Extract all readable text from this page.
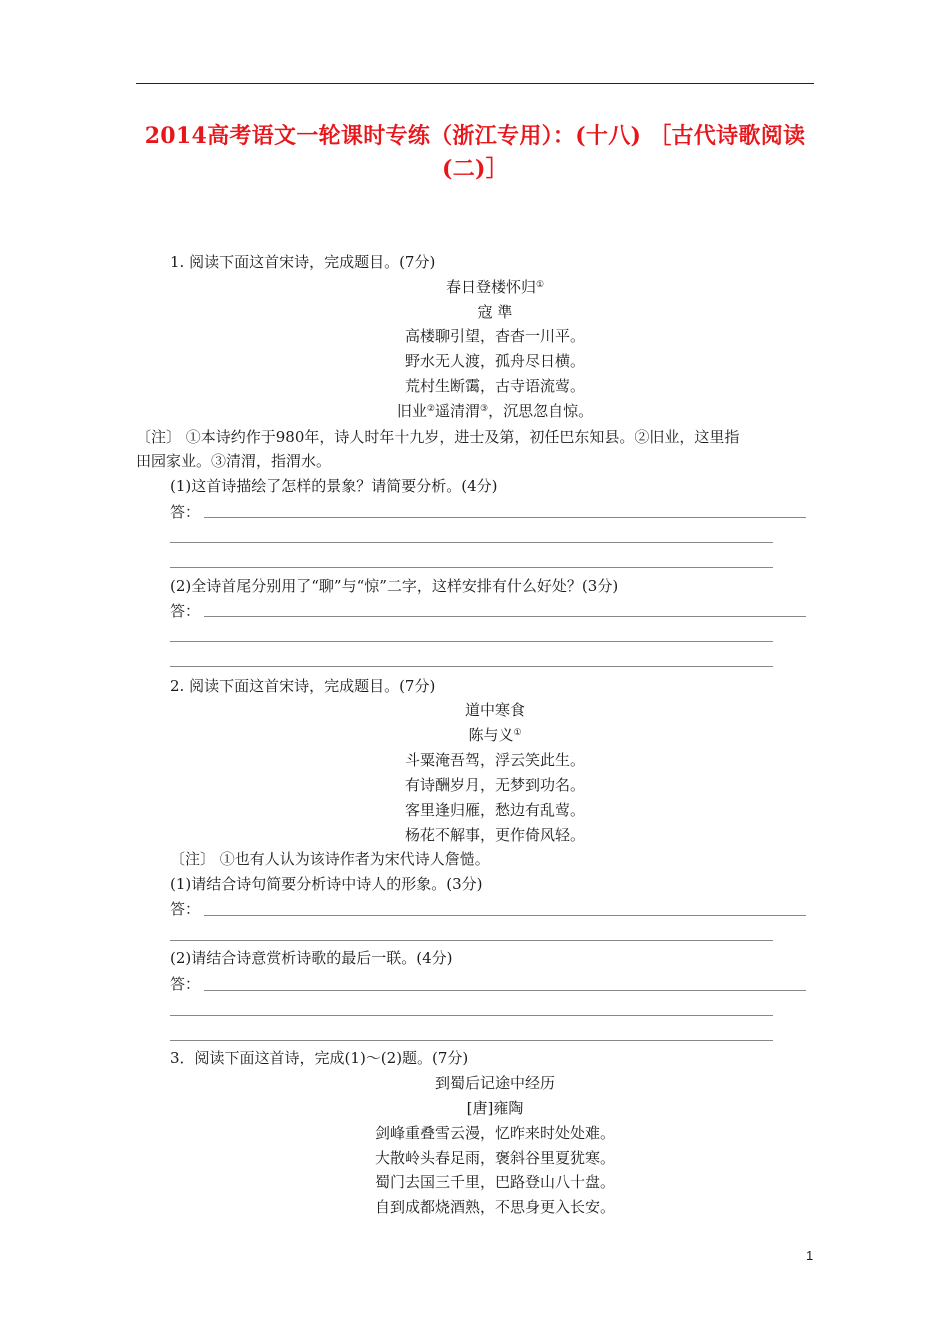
2014高考语文一轮课时专练（浙江专用）：(十八) ［古代诗歌阅读
(二)］
1. 阅读下面这首宋诗，完成题目。(7分)
春日登楼怀归①
寇 準
高楼聊引望，杳杳一川平。
野水无人渡，孤舟尽日横。
荒村生断霭，古寺语流莺。
旧业②遥清渭③，沉思忽自惊。
〔注〕 ①本诗约作于980年，诗人时年十九岁，进士及第，初任巴东知县。②旧业，这里指
田园家业。③清渭，指渭水。
(1)这首诗描绘了怎样的景象？请简要分析。(4分)
答：
(2)全诗首尾分别用了“聊”与“惊”二字，这样安排有什么好处？(3分)
答：
2. 阅读下面这首宋诗，完成题目。(7分)
道中寒食
陈与义①
斗粟淹吾驾，浮云笑此生。
有诗酬岁月，无梦到功名。
客里逢归雁，愁边有乱莺。
杨花不解事，更作倚风轻。
〔注〕 ①也有人认为该诗作者为宋代诗人詹慥。
(1)请结合诗句简要分析诗中诗人的形象。(3分)
答：
(2)请结合诗意赏析诗歌的最后一联。(4分)
答：
3．阅读下面这首诗，完成(1)～(2)题。(7分)
到蜀后记途中经历
[唐]雍陶
剑峰重叠雪云漫，忆昨来时处处难。
大散岭头春足雨，褒斜谷里夏犹寒。
蜀门去国三千里，巴路登山八十盘。
自到成都烧酒熟，不思身更入长安。
1
